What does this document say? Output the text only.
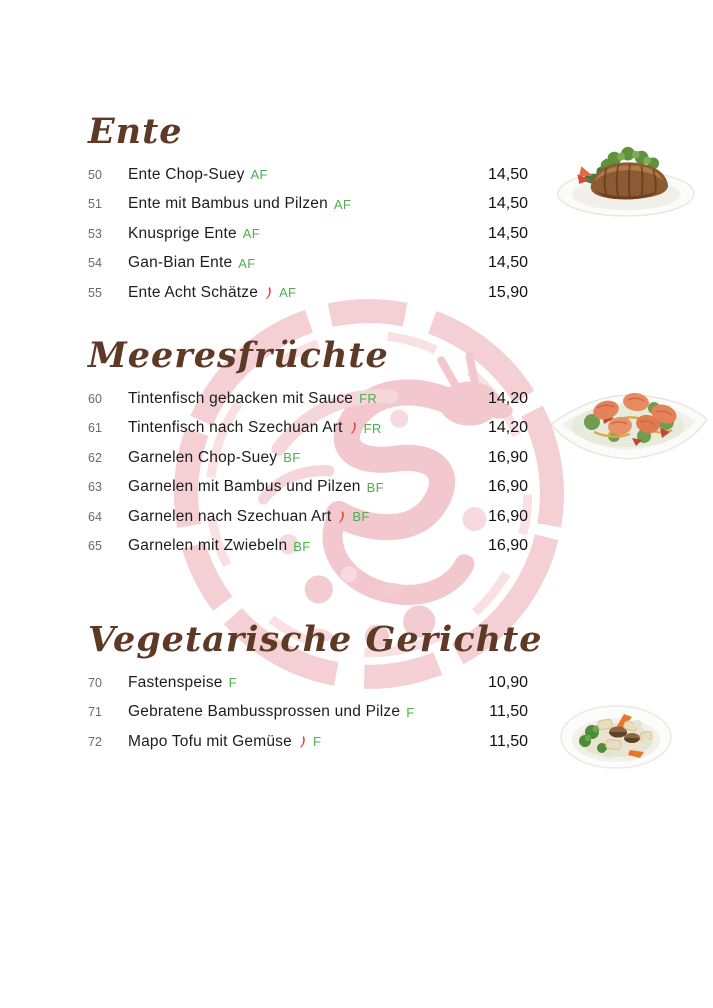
Ente
50	Ente Chop-Suey AF	14,50
51	Ente mit Bambus und Pilzen AF	14,50
53	Knusprige Ente AF	14,50
54	Gan-Bian Ente AF	14,50
55	Ente Acht Schätze AF	15,90
Meeresfrüchte
60	Tintenfisch gebacken mit Sauce FR	14,20
61	Tintenfisch nach Szechuan Art FR	14,20
62	Garnelen Chop-Suey BF	16,90
63	Garnelen mit Bambus und Pilzen BF	16,90
64	Garnelen nach Szechuan Art BF	16,90
65	Garnelen mit Zwiebeln BF	16,90
Vegetarische Gerichte
70	Fastenspeise F	10,90
71	Gebratene Bambussprossen und Pilze F	11,50
72	Mapo Tofu mit Gemüse F	11,50
